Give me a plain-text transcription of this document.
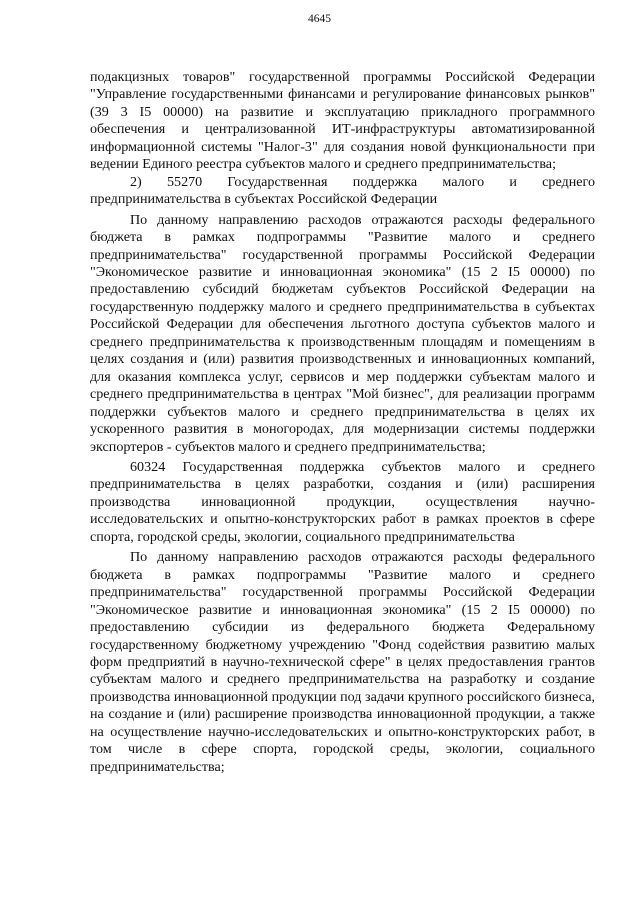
4645

подакцизных товаров" государственной программы Российской Федерации "Управление государственными финансами и регулирование финансовых рынков" (39 3 I5 00000) на развитие и эксплуатацию прикладного программного обеспечения и централизованной ИТ-инфраструктуры автоматизированной информационной системы "Налог-3" для создания новой функциональности при ведении Единого реестра субъектов малого и среднего предпринимательства;

2) 55270 Государственная поддержка малого и среднего предпринимательства в субъектах Российской Федерации

По данному направлению расходов отражаются расходы федерального бюджета в рамках подпрограммы "Развитие малого и среднего предпринимательства" государственной программы Российской Федерации "Экономическое развитие и инновационная экономика" (15 2 I5 00000) по предоставлению субсидий бюджетам субъектов Российской Федерации на государственную поддержку малого и среднего предпринимательства в субъектах Российской Федерации для обеспечения льготного доступа субъектов малого и среднего предпринимательства к производственным площадям и помещениям в целях создания и (или) развития производственных и инновационных компаний, для оказания комплекса услуг, сервисов и мер поддержки субъектам малого и среднего предпринимательства в центрах "Мой бизнес", для реализации программ поддержки субъектов малого и среднего предпринимательства в целях их ускоренного развития в моногородах, для модернизации системы поддержки экспортеров - субъектов малого и среднего предпринимательства;

60324 Государственная поддержка субъектов малого и среднего предпринимательства в целях разработки, создания и (или) расширения производства инновационной продукции, осуществления научно-исследовательских и опытно-конструкторских работ в рамках проектов в сфере спорта, городской среды, экологии, социального предпринимательства

По данному направлению расходов отражаются расходы федерального бюджета в рамках подпрограммы "Развитие малого и среднего предпринимательства" государственной программы Российской Федерации "Экономическое развитие и инновационная экономика" (15 2 I5 00000) по предоставлению субсидии из федерального бюджета Федеральному государственному бюджетному учреждению "Фонд содействия развитию малых форм предприятий в научно-технической сфере" в целях предоставления грантов субъектам малого и среднего предпринимательства на разработку и создание производства инновационной продукции под задачи крупного российского бизнеса, на создание и (или) расширение производства инновационной продукции, а также на осуществление научно-исследовательских и опытно-конструкторских работ, в том числе в сфере спорта, городской среды, экологии, социального предпринимательства;
